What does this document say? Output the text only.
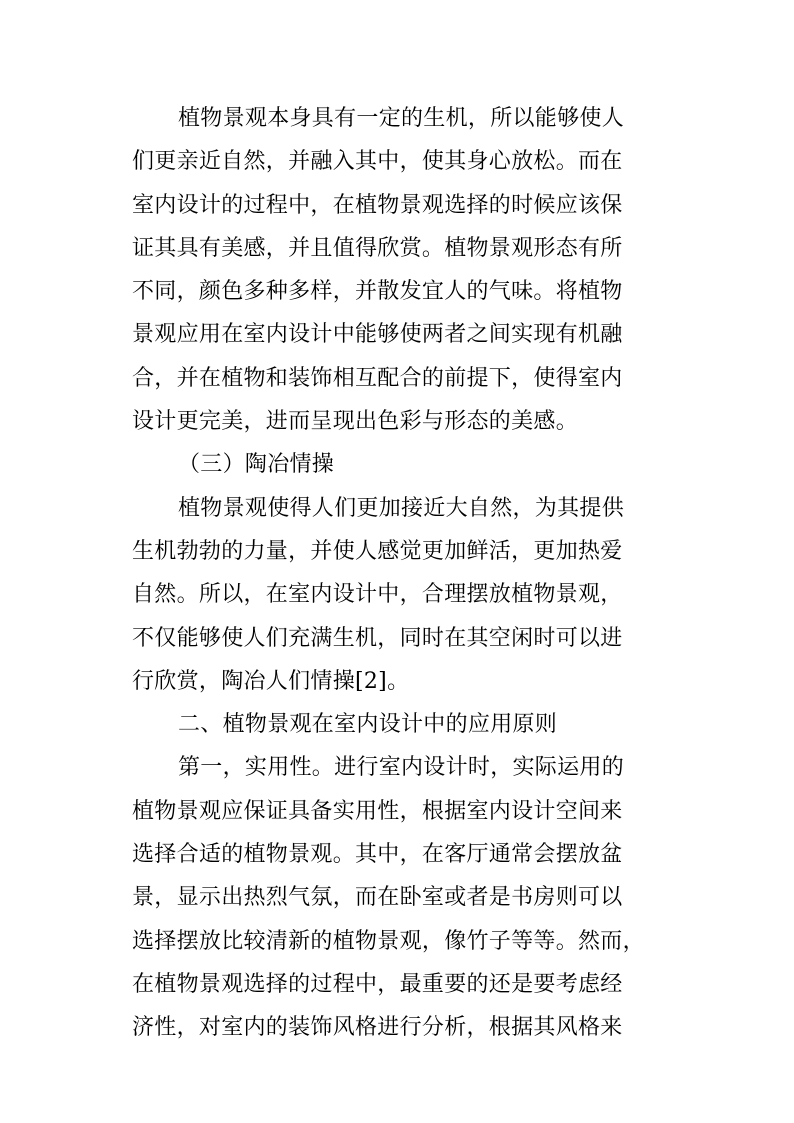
植物景观本身具有一定的生机，所以能够使人
们更亲近自然，并融入其中，使其身心放松。而在
室内设计的过程中，在植物景观选择的时候应该保
证其具有美感，并且值得欣赏。植物景观形态有所
不同，颜色多种多样，并散发宜人的气味。将植物
景观应用在室内设计中能够使两者之间实现有机融
合，并在植物和装饰相互配合的前提下，使得室内
设计更完美，进而呈现出色彩与形态的美感。
（三）陶冶情操
植物景观使得人们更加接近大自然，为其提供
生机勃勃的力量，并使人感觉更加鲜活，更加热爱
自然。所以，在室内设计中，合理摆放植物景观，
不仅能够使人们充满生机，同时在其空闲时可以进
行欣赏，陶冶人们情操[2]。
二、植物景观在室内设计中的应用原则
第一，实用性。进行室内设计时，实际运用的
植物景观应保证具备实用性，根据室内设计空间来
选择合适的植物景观。其中，在客厅通常会摆放盆
景，显示出热烈气氛，而在卧室或者是书房则可以
选择摆放比较清新的植物景观，像竹子等等。然而，
在植物景观选择的过程中，最重要的还是要考虑经
济性，对室内的装饰风格进行分析，根据其风格来
